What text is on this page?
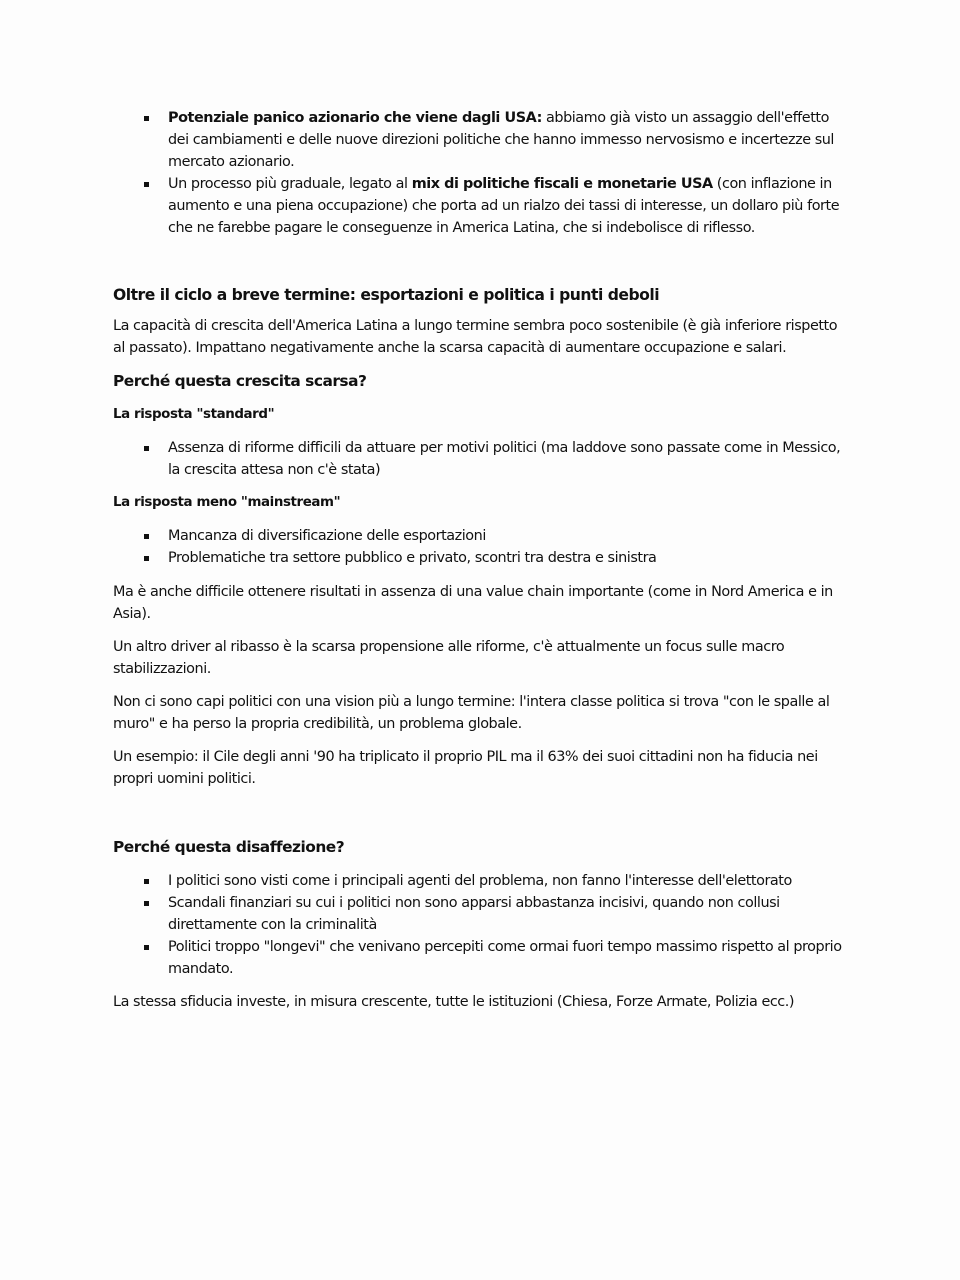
Potenziale panico azionario che viene dagli USA: abbiamo già visto un assaggio dell'effetto dei cambiamenti e delle nuove direzioni politiche che hanno immesso nervosismo e incertezze sul mercato azionario.
Un processo più graduale, legato al mix di politiche fiscali e monetarie USA (con inflazione in aumento e una piena occupazione) che porta ad un rialzo dei tassi di interesse, un dollaro più forte che ne farebbe pagare le conseguenze in America Latina, che si indebolisce di riflesso.
Oltre il ciclo a breve termine: esportazioni e politica i punti deboli

La capacità di crescita dell'America Latina a lungo termine sembra poco sostenibile (è già inferiore rispetto al passato). Impattano negativamente anche la scarsa capacità di aumentare occupazione e salari.

Perché questa crescita scarsa?
La risposta "standard"
Assenza di riforme difficili da attuare per motivi politici (ma laddove sono passate come in Messico, la crescita attesa non c'è stata)
La risposta meno "mainstream"
Mancanza di diversificazione delle esportazioni
Problematiche tra settore pubblico e privato, scontri tra destra e sinistra

Ma è anche difficile ottenere risultati in assenza di una value chain importante (come in Nord America e in Asia).

Un altro driver al ribasso è la scarsa propensione alle riforme, c'è attualmente un focus sulle macro stabilizzazioni.

Non ci sono capi politici con una vision più a lungo termine: l'intera classe politica si trova "con le spalle al muro" e ha perso la propria credibilità, un problema globale.

Un esempio: il Cile degli anni '90 ha triplicato il proprio PIL ma il 63% dei suoi cittadini non ha fiducia nei propri uomini politici.

Perché questa disaffezione?
I politici sono visti come i principali agenti del problema, non fanno l'interesse dell'elettorato
Scandali finanziari su cui i politici non sono apparsi abbastanza incisivi, quando non collusi direttamente con la criminalità
Politici troppo "longevi" che venivano percepiti come ormai fuori tempo massimo rispetto al proprio mandato.

La stessa sfiducia investe, in misura crescente, tutte le istituzioni (Chiesa, Forze Armate, Polizia ecc.)
